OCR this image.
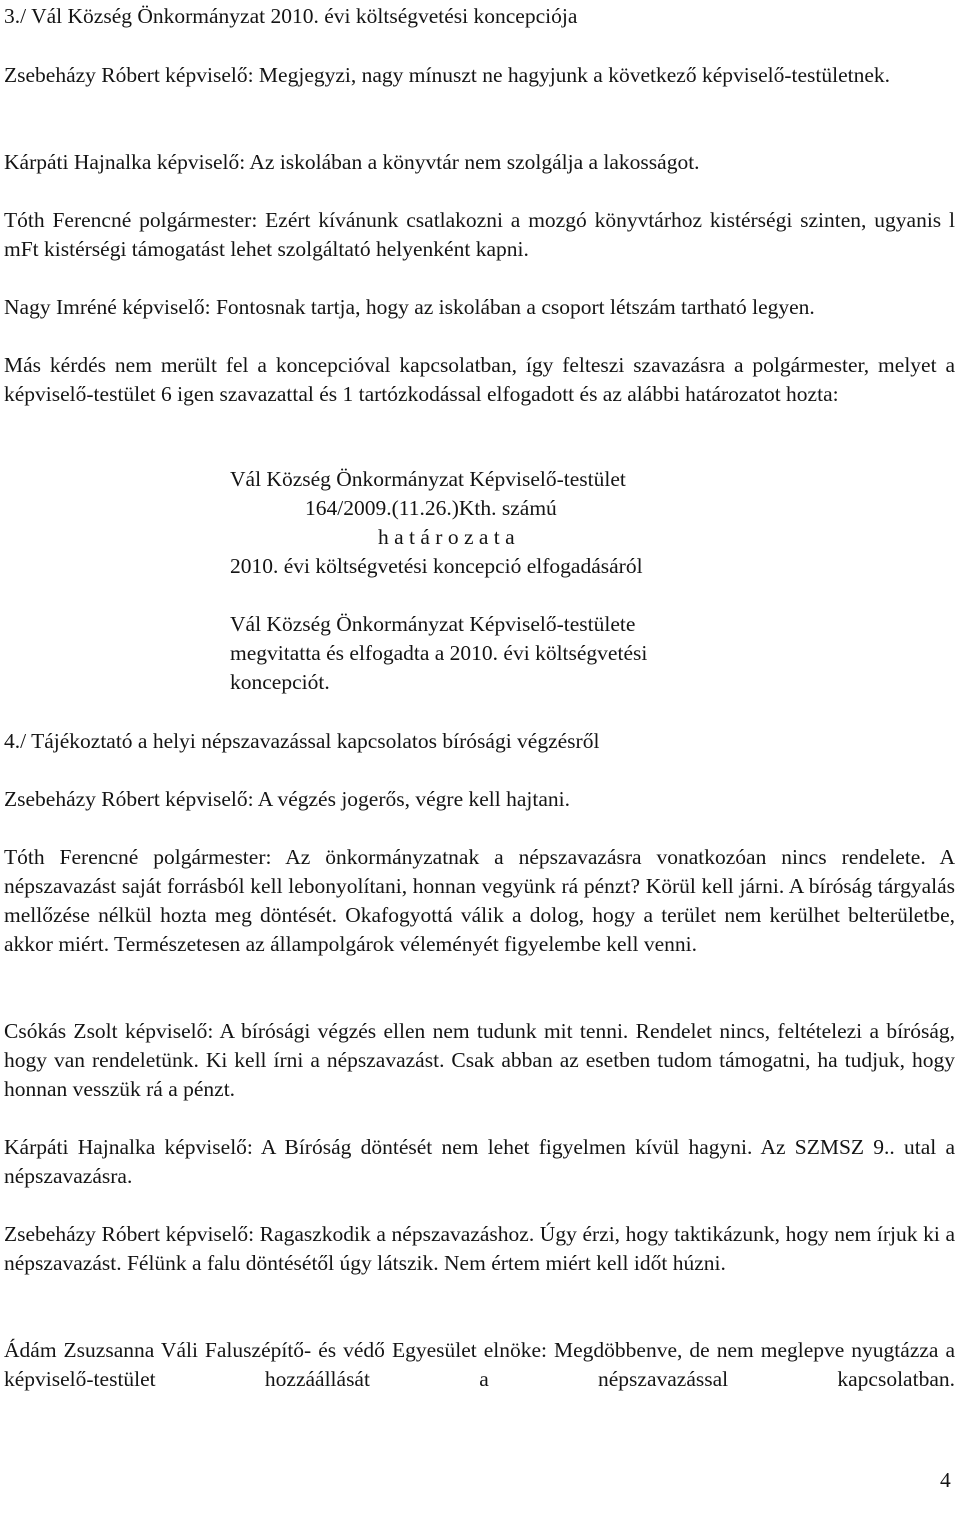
3./ Vál Község Önkormányzat 2010. évi költségvetési koncepciója

Zsebeházy Róbert képviselő: Megjegyzi, nagy mínuszt ne hagyjunk a következő képviselő-testületnek.

Kárpáti Hajnalka képviselő: Az iskolában a könyvtár nem szolgálja a lakosságot.

Tóth Ferencné polgármester: Ezért kívánunk csatlakozni a mozgó könyvtárhoz kistérségi szinten, ugyanis l mFt kistérségi támogatást lehet szolgáltató helyenként kapni.

Nagy Imréné képviselő: Fontosnak tartja, hogy az iskolában a csoport létszám tartható legyen.

Más kérdés nem merült fel a koncepcióval kapcsolatban, így felteszi szavazásra a polgármester, melyet a képviselő-testület 6 igen szavazattal és 1 tartózkodással elfogadott és az alábbi határozatot hozta:

Vál Község Önkormányzat Képviselő-testület

164/2009.(11.26.)Kth. számú

h a t á r o z a t a

2010. évi költségvetési koncepció elfogadásáról

Vál Község Önkormányzat Képviselő-testülete

megvitatta és elfogadta a 2010. évi költségvetési

koncepciót.

4./ Tájékoztató a helyi népszavazással kapcsolatos bírósági végzésről

Zsebeházy Róbert képviselő: A végzés jogerős, végre kell hajtani.

Tóth Ferencné polgármester: Az önkormányzatnak a népszavazásra vonatkozóan nincs rendelete. A népszavazást saját forrásból kell lebonyolítani, honnan vegyünk rá pénzt? Körül kell járni. A bíróság tárgyalás mellőzése nélkül hozta meg döntését. Okafogyottá válik a dolog, hogy a terület nem kerülhet belterületbe, akkor miért. Természetesen az állampolgárok véleményét figyelembe kell venni.

Csókás Zsolt képviselő: A bírósági végzés ellen nem tudunk mit tenni. Rendelet nincs, feltételezi a bíróság, hogy van rendeletünk. Ki kell írni a népszavazást. Csak abban az esetben tudom támogatni, ha tudjuk, hogy honnan vesszük rá a pénzt.

Kárpáti Hajnalka képviselő: A Bíróság döntését nem lehet figyelmen kívül hagyni. Az SZMSZ 9.. utal a népszavazásra.

Zsebeházy Róbert képviselő: Ragaszkodik a népszavazáshoz. Úgy érzi, hogy taktikázunk, hogy nem írjuk ki a népszavazást. Félünk a falu döntésétől úgy látszik. Nem értem miért kell időt húzni.

Ádám Zsuzsanna Váli Faluszépítő- és védő Egyesület elnöke: Megdöbbenve, de nem meglepve nyugtázza a képviselő-testület hozzáállását a népszavazással kapcsolatban.

4
